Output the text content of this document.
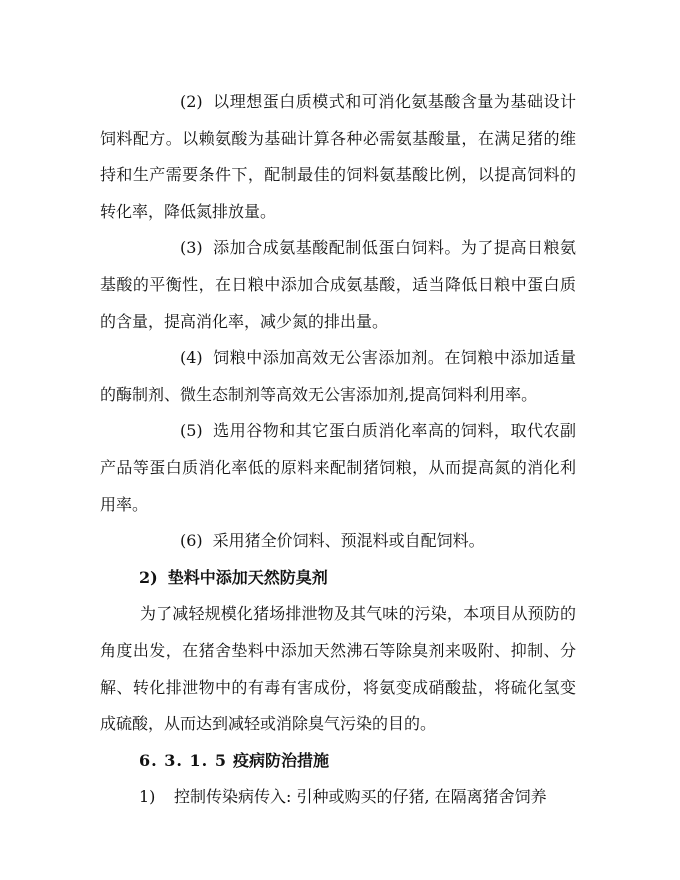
(2) 以理想蛋白质模式和可消化氨基酸含量为基础设计饲料配方。以赖氨酸为基础计算各种必需氨基酸量，在满足猪的维持和生产需要条件下，配制最佳的饲料氨基酸比例，以提高饲料的转化率，降低氮排放量。

(3) 添加合成氨基酸配制低蛋白饲料。为了提高日粮氨基酸的平衡性，在日粮中添加合成氨基酸，适当降低日粮中蛋白质的含量，提高消化率，减少氮的排出量。

(4) 饲粮中添加高效无公害添加剂。在饲粮中添加适量的酶制剂、微生态制剂等高效无公害添加剂,提高饲料利用率。

(5) 选用谷物和其它蛋白质消化率高的饲料，取代农副产品等蛋白质消化率低的原料来配制猪饲粮，从而提高氮的消化利用率。

(6) 采用猪全价饲料、预混料或自配饲料。

2) 垫料中添加天然防臭剂

为了减轻规模化猪场排泄物及其气味的污染，本项目从预防的角度出发，在猪舍垫料中添加天然沸石等除臭剂来吸附、抑制、分解、转化排泄物中的有毒有害成份，将氨变成硝酸盐，将硫化氢变成硫酸，从而达到减轻或消除臭气污染的目的。

6. 3. 1. 5 疫病防治措施

1) 控制传染病传入: 引种或购买的仔猪, 在隔离猪舍饲养
